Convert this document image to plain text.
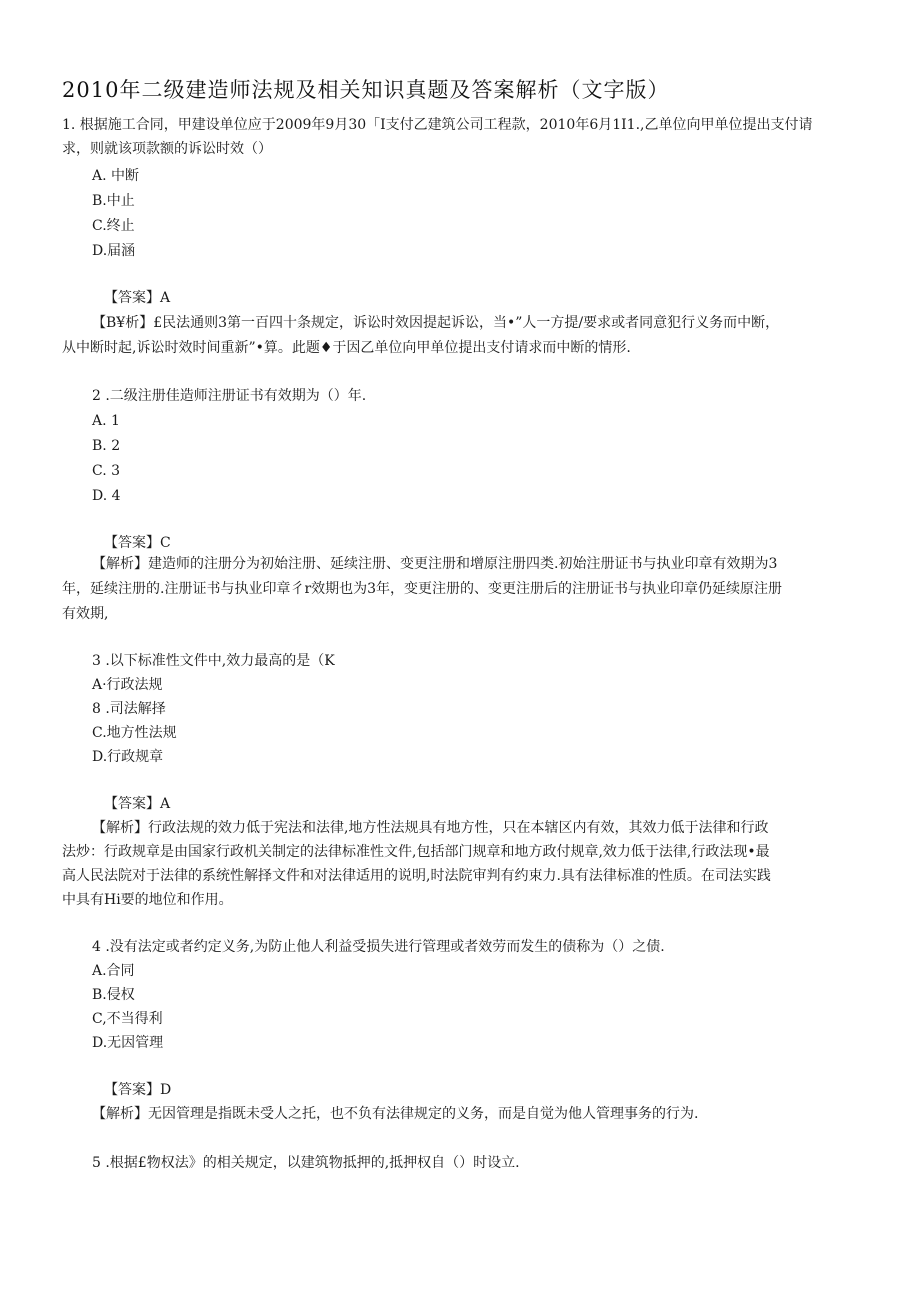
2010年二级建造师法规及相关知识真题及答案解析（文字版）
1. 根据施工合同，甲建设单位应于2009年9月30「I支付乙建筑公司工程款，2010年6月1I1.,乙单位向甲单位提出支付请
求，则就该项款额的诉讼时效（）
A. 中断
B.中止
C.终止
D.届涵
【答案】A
【B¥析】£民法通则3第一百四十条规定，诉讼时效因提起诉讼，当•”人一方提/要求或者同意犯行义务而中断，
从中断时起,诉讼时效时间重新”•算。此题♦于因乙单位向甲单位提出支付请求而中断的情形.
2 .二级注册佳造师注册证书有效期为（）年.
A. 1
B. 2
C. 3
D. 4
【答案】C
【解析】建造师的注册分为初始注册、延续注册、变更注册和增原注册四类.初始注册证书与执业印章有效期为3
年，延续注册的.注册证书与执业印章彳r效期也为3年，变更注册的、变更注册后的注册证书与执业印章仍延续原注册
有效期,
3 .以下标准性文件中,效力最高的是（K
A·行政法规
8 .司法解择
C.地方性法规
D.行政规章
【答案】A
【解析】行政法规的效力低于宪法和法律,地方性法规具有地方性，只在本辖区内有效，其效力低于法律和行政
法炒：行政规章是由国家行政机关制定的法律标准性文件,包括部门规章和地方政付规章,效力低于法律,行政法现•最
高人民法院对于法律的系统性解择文件和对法律适用的说明,时法院审判有约束力.具有法律标准的性质。在司法实践
中具有Hi要的地位和作用。
4 .没有法定或者约定义务,为防止他人利益受损失进行管理或者效劳而发生的债称为（）之债.
A.合同
B.侵权
C,不当得利
D.无因管理
【答案】D
【解析】无因管理是指既未受人之托，也不负有法律规定的义务，而是自觉为他人管理事务的行为.
5 .根据£物权法》的相关规定，以建筑物抵押的,抵押权自（）时设立.
